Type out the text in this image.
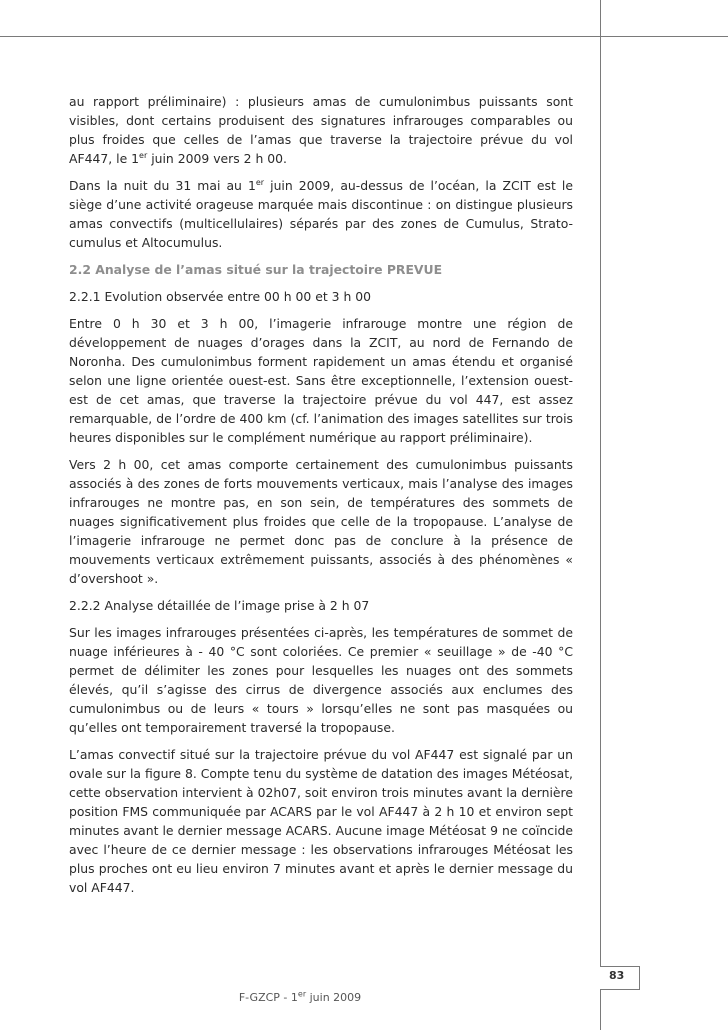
au rapport préliminaire) : plusieurs amas de cumulonimbus puissants sont visibles, dont certains produisent des signatures infrarouges comparables ou plus froides que celles de l’amas que traverse la trajectoire prévue du vol AF447, le 1er juin 2009 vers 2 h 00.

Dans la nuit du 31 mai au 1er juin 2009, au-dessus de l’océan, la ZCIT est le siège d’une activité orageuse marquée mais discontinue : on distingue plusieurs amas convectifs (multicellulaires) séparés par des zones de Cumulus, Strato-cumulus et Altocumulus.

2.2 Analyse de l’amas situé sur la trajectoire PREVUE
2.2.1 Evolution observée entre 00 h 00 et 3 h 00

Entre 0 h 30 et 3 h 00, l’imagerie infrarouge montre une région de développement de nuages d’orages dans la ZCIT, au nord de Fernando de Noronha. Des cumulonimbus forment rapidement un amas étendu et organisé selon une ligne orientée ouest-est. Sans être exceptionnelle, l’extension ouest-est de cet amas, que traverse la trajectoire prévue du vol 447, est assez remarquable, de l’ordre de 400 km (cf. l’animation des images satellites sur trois heures disponibles sur le complément numérique au rapport préliminaire).

Vers 2 h 00, cet amas comporte certainement des cumulonimbus puissants associés à des zones de forts mouvements verticaux, mais l’analyse des images infrarouges ne montre pas, en son sein, de températures des sommets de nuages significativement plus froides que celle de la tropopause. L’analyse de l’imagerie infrarouge ne permet donc pas de conclure à la présence de mouvements verticaux extrêmement puissants, associés à des phénomènes « d’overshoot ».

2.2.2 Analyse détaillée de l’image prise à 2 h 07

Sur les images infrarouges présentées ci-après, les températures de sommet de nuage inférieures à - 40 °C sont coloriées. Ce premier « seuillage » de -40 °C permet de délimiter les zones pour lesquelles les nuages ont des sommets élevés, qu’il s’agisse des cirrus de divergence associés aux enclumes des cumulonimbus ou de leurs « tours » lorsqu’elles ne sont pas masquées ou qu’elles ont temporairement traversé la tropopause.

L’amas convectif situé sur la trajectoire prévue du vol AF447 est signalé par un ovale sur la figure 8. Compte tenu du système de datation des images Météosat, cette observation intervient à 02h07, soit environ trois minutes avant la dernière position FMS communiquée par ACARS par le vol AF447 à 2 h 10 et environ sept minutes avant le dernier message ACARS. Aucune image Météosat 9 ne coïncide avec l’heure de ce dernier message : les observations infrarouges Météosat les plus proches ont eu lieu environ 7 minutes avant et après le dernier message du vol AF447.

83
F-GZCP - 1er juin 2009
